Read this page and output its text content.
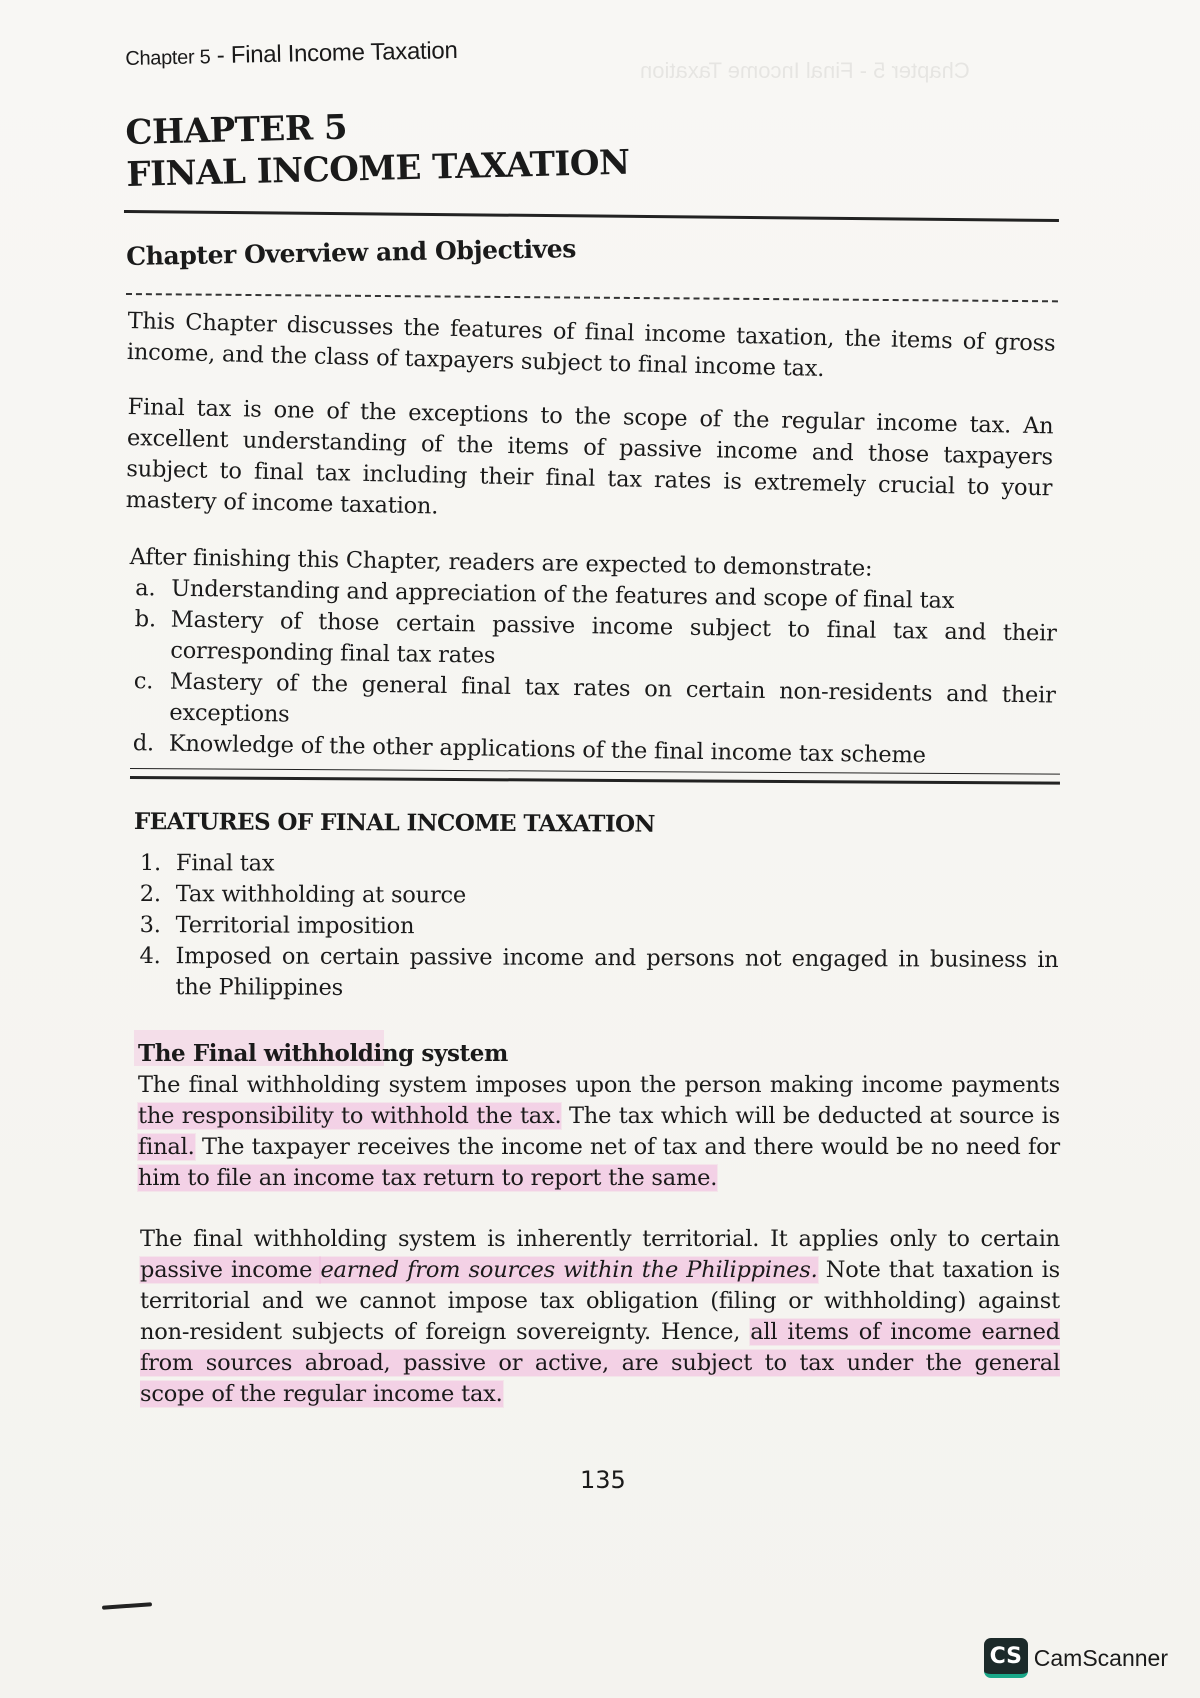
Chapter 5 - Final Income Taxation
Chapter 5 - Final Income Taxation
CHAPTER 5
FINAL INCOME TAXATION
Chapter Overview and Objectives
This Chapter discusses the features of final income taxation, the items of gross income, and the class of taxpayers subject to final income tax.
Final tax is one of the exceptions to the scope of the regular income tax. An excellent understanding of the items of passive income and those taxpayers subject to final tax including their final tax rates is extremely crucial to your mastery of income taxation.
After finishing this Chapter, readers are expected to demonstrate:
a. Understanding and appreciation of the features and scope of final tax
b. Mastery of those certain passive income subject to final tax and their corresponding final tax rates
c. Mastery of the general final tax rates on certain non-residents and their exceptions
d. Knowledge of the other applications of the final income tax scheme
FEATURES OF FINAL INCOME TAXATION
1. Final tax
2. Tax withholding at source
3. Territorial imposition
4. Imposed on certain passive income and persons not engaged in business in the Philippines
The Final withholding system
The final withholding system imposes upon the person making income payments the responsibility to withhold the tax. The tax which will be deducted at source is final. The taxpayer receives the income net of tax and there would be no need for him to file an income tax return to report the same.
The final withholding system is inherently territorial. It applies only to certain passive income earned from sources within the Philippines. Note that taxation is territorial and we cannot impose tax obligation (filing or withholding) against non-resident subjects of foreign sovereignty. Hence, all items of income earned from sources abroad, passive or active, are subject to tax under the general scope of the regular income tax.
135
CS CamScanner
